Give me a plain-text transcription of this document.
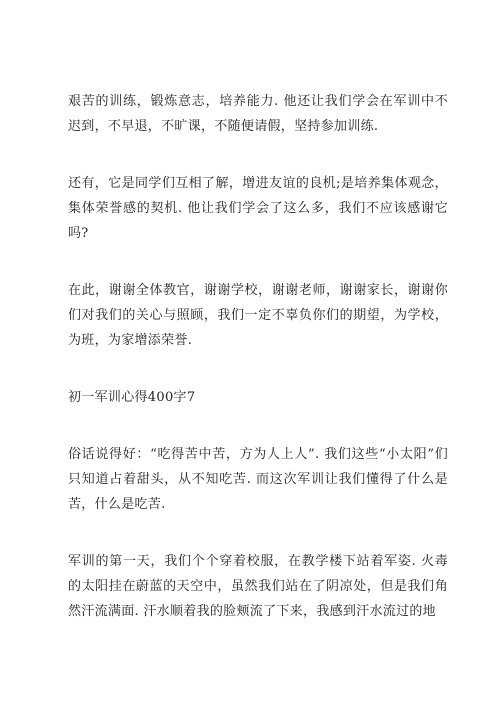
艰苦的训练，锻炼意志，培养能力. 他还让我们学会在军训中不迟到，不早退，不旷课，不随便请假，坚持参加训练.

还有，它是同学们互相了解，增进友谊的良机;是培养集体观念，集体荣誉感的契机. 他让我们学会了这么多，我们不应该感谢它吗?

在此，谢谢全体教官，谢谢学校，谢谢老师，谢谢家长，谢谢你们对我们的关心与照顾，我们一定不辜负你们的期望，为学校，为班，为家增添荣誉.

初一军训心得400字7

俗话说得好：“吃得苦中苦，方为人上人”. 我们这些“小太阳”们只知道占着甜头，从不知吃苦. 而这次军训让我们懂得了什么是苦，什么是吃苦.

军训的第一天，我们个个穿着校服，在教学楼下站着军姿. 火毒的太阳挂在蔚蓝的天空中，虽然我们站在了阴凉处，但是我们角然汗流满面. 汗水顺着我的脸颊流了下来，我感到汗水流过的地
